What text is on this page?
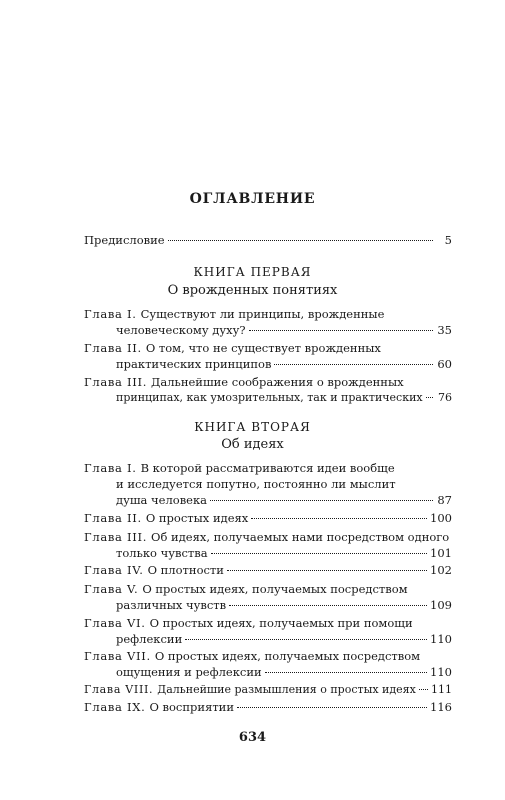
ОГЛАВЛЕНИЕ
Предисловие	5
КНИГА ПЕРВАЯ
О врожденных понятиях
Глава I. Существуют ли принципы, врожденные
человеческому духу?	35
Глава II. О том, что не существует врожденных
практических принципов	60
Глава III. Дальнейшие соображения о врожденных
принципах, как умозрительных, так и практических 76
КНИГА ВТОРАЯ
Об идеях
Глава I. В которой рассматриваются идеи вообще
и исследуется попутно, постоянно ли мыслит
душа человека	87
Глава II. О простых идеях	100
Глава III. Об идеях, получаемых нами посредством одного
только чувства	101
Глава IV. О плотности	102
Глава V. О простых идеях, получаемых посредством
различных чувств	109
Глава VI. О простых идеях, получаемых при помощи
рефлексии	110
Глава VII. О простых идеях, получаемых посредством
ощущения и рефлексии	110
Глава VIII. Дальнейшие размышления о простых идеях 111
Глава IX. О восприятии	116
634
